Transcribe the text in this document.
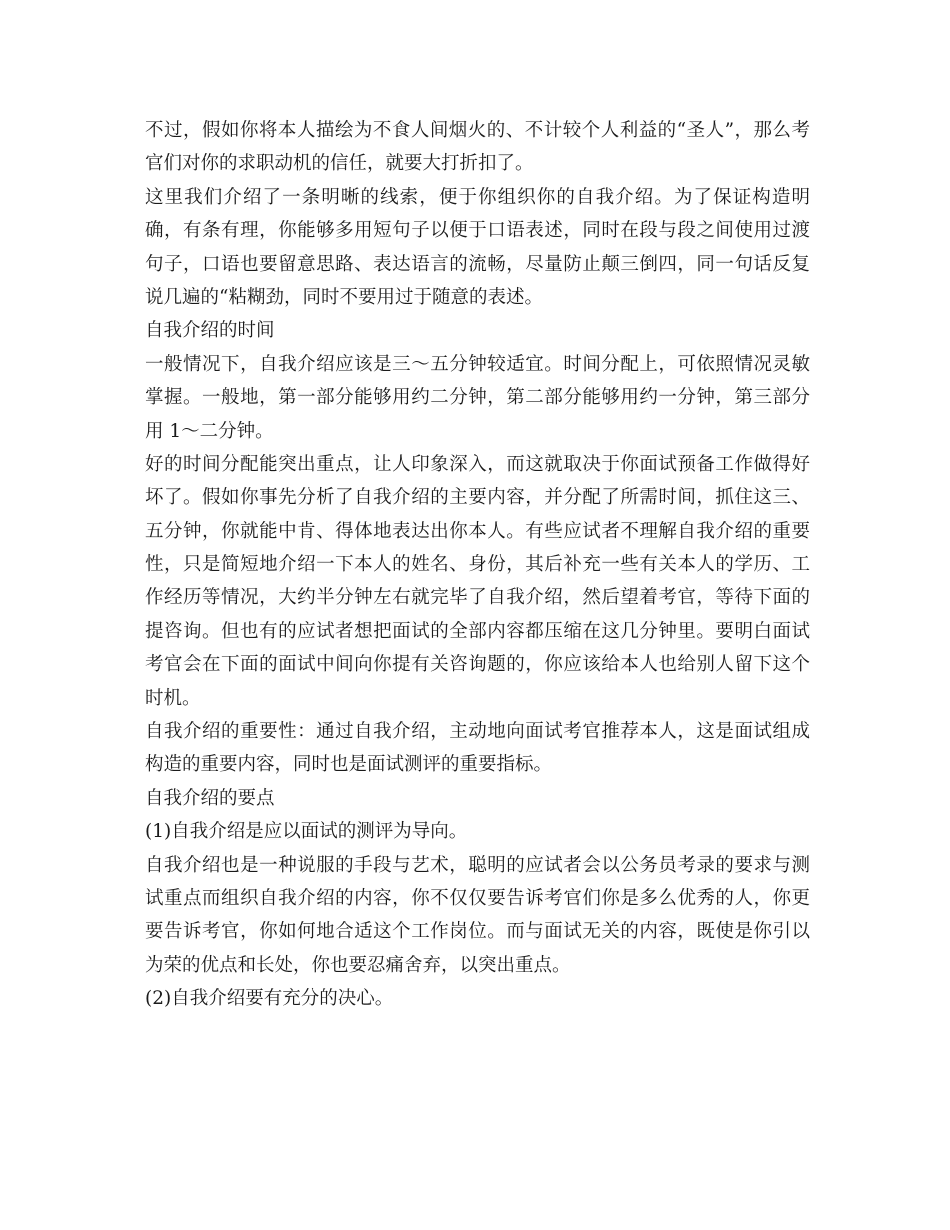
不过，假如你将本人描绘为不食人间烟火的、不计较个人利益的“圣人”，那么考
官们对你的求职动机的信任，就要大打折扣了。
这里我们介绍了一条明晰的线索，便于你组织你的自我介绍。为了保证构造明
确，有条有理，你能够多用短句子以便于口语表述，同时在段与段之间使用过渡
句子，口语也要留意思路、表达语言的流畅，尽量防止颠三倒四，同一句话反复
说几遍的“粘糊劲，同时不要用过于随意的表述。
自我介绍的时间
一般情况下，自我介绍应该是三～五分钟较适宜。时间分配上，可依照情况灵敏
掌握。一般地，第一部分能够用约二分钟，第二部分能够用约一分钟，第三部分
用 1～二分钟。
好的时间分配能突出重点，让人印象深入，而这就取决于你面试预备工作做得好
坏了。假如你事先分析了自我介绍的主要内容，并分配了所需时间，抓住这三、
五分钟，你就能中肯、得体地表达出你本人。有些应试者不理解自我介绍的重要
性，只是简短地介绍一下本人的姓名、身份，其后补充一些有关本人的学历、工
作经历等情况，大约半分钟左右就完毕了自我介绍，然后望着考官，等待下面的
提咨询。但也有的应试者想把面试的全部内容都压缩在这几分钟里。要明白面试
考官会在下面的面试中间向你提有关咨询题的，你应该给本人也给别人留下这个
时机。
自我介绍的重要性：通过自我介绍，主动地向面试考官推荐本人，这是面试组成
构造的重要内容，同时也是面试测评的重要指标。
自我介绍的要点
(1)自我介绍是应以面试的测评为导向。
自我介绍也是一种说服的手段与艺术，聪明的应试者会以公务员考录的要求与测
试重点而组织自我介绍的内容，你不仅仅要告诉考官们你是多么优秀的人，你更
要告诉考官，你如何地合适这个工作岗位。而与面试无关的内容，既使是你引以
为荣的优点和长处，你也要忍痛舍弃，以突出重点。
(2)自我介绍要有充分的决心。
